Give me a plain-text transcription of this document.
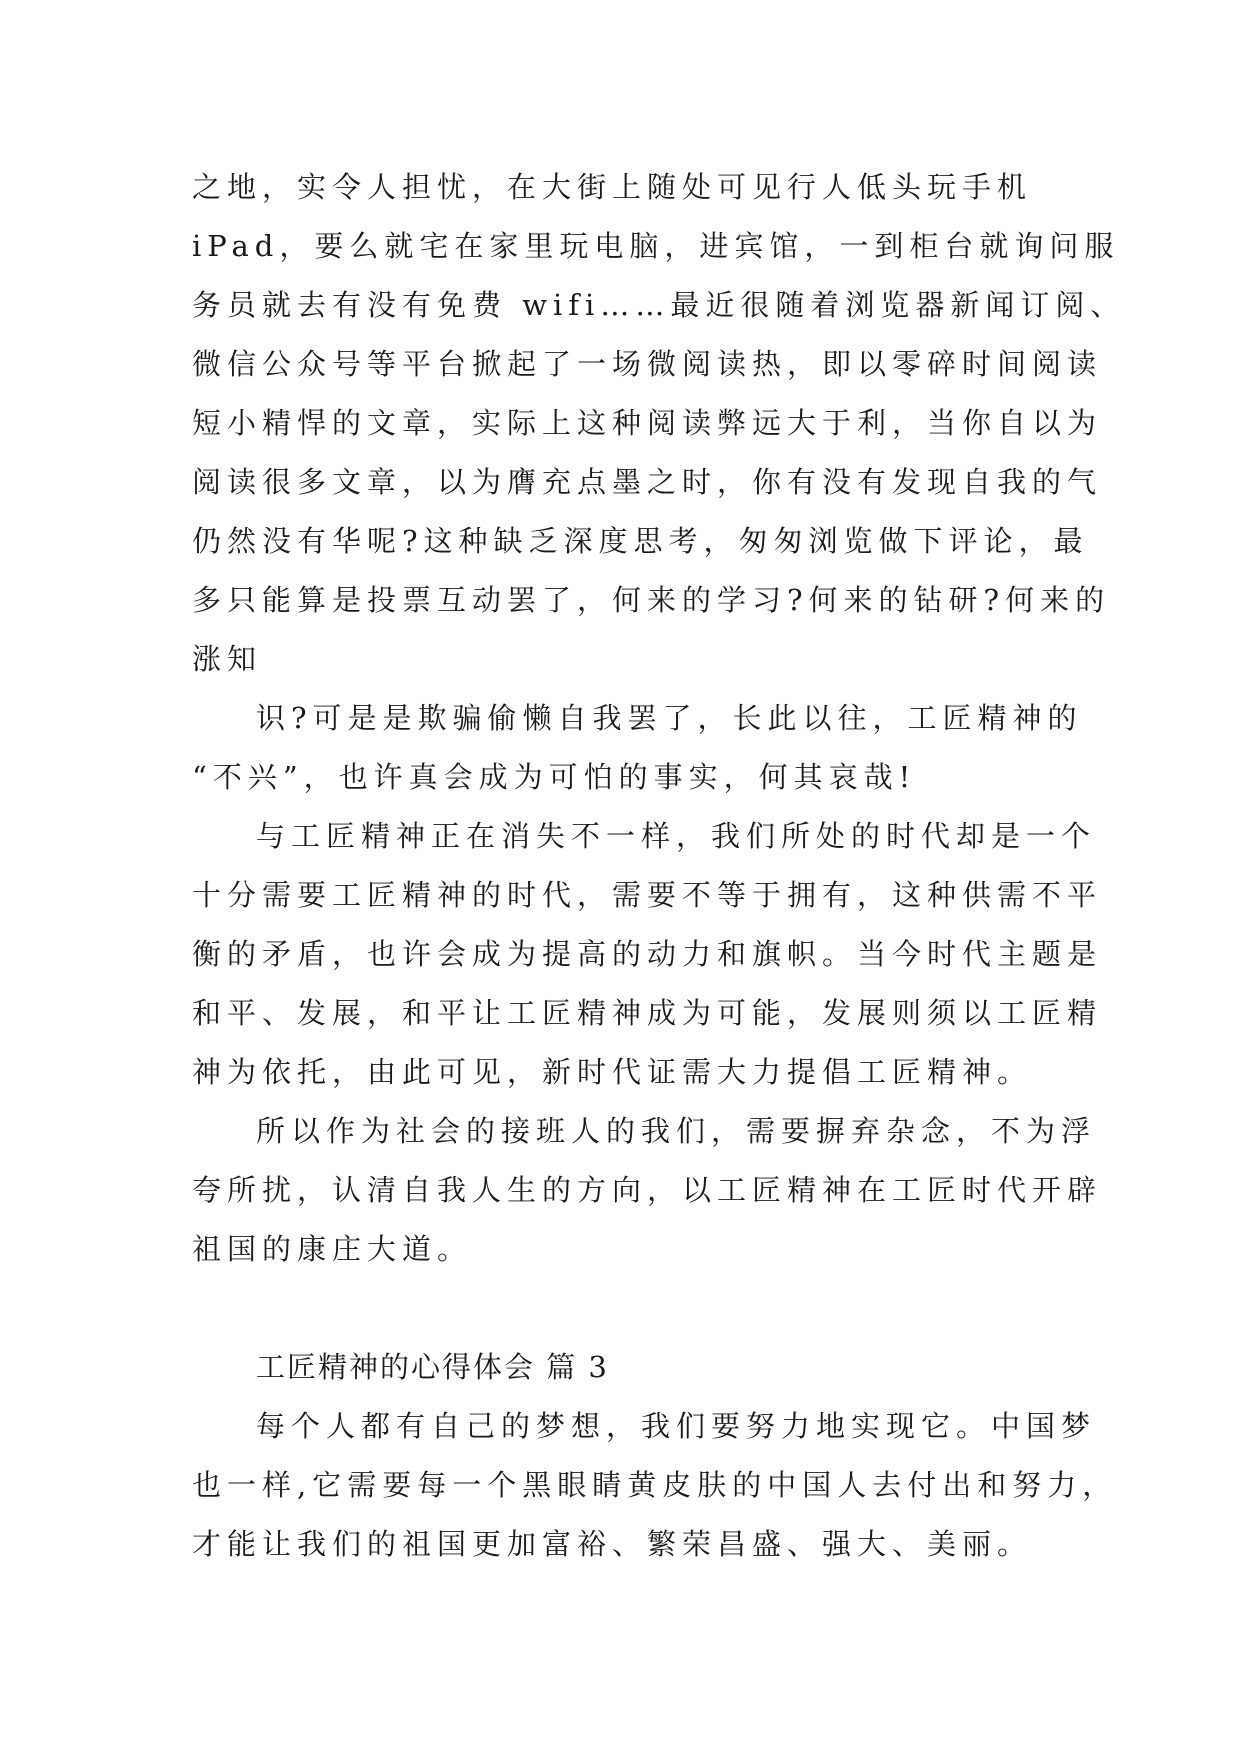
之地，实令人担忧，在大街上随处可见行人低头玩手机
iPad，要么就宅在家里玩电脑，进宾馆，一到柜台就询问服
务员就去有没有免费 wifi……最近很随着浏览器新闻订阅、
微信公众号等平台掀起了一场微阅读热，即以零碎时间阅读
短小精悍的文章，实际上这种阅读弊远大于利，当你自以为
阅读很多文章，以为膺充点墨之时，你有没有发现自我的气
仍然没有华呢?这种缺乏深度思考，匆匆浏览做下评论，最
多只能算是投票互动罢了，何来的学习?何来的钻研?何来的
涨知
识?可是是欺骗偷懒自我罢了，长此以往，工匠精神的
“不兴”，也许真会成为可怕的事实，何其哀哉!
与工匠精神正在消失不一样，我们所处的时代却是一个
十分需要工匠精神的时代，需要不等于拥有，这种供需不平
衡的矛盾，也许会成为提高的动力和旗帜。当今时代主题是
和平、发展，和平让工匠精神成为可能，发展则须以工匠精
神为依托，由此可见，新时代证需大力提倡工匠精神。
所以作为社会的接班人的我们，需要摒弃杂念，不为浮
夸所扰，认清自我人生的方向，以工匠精神在工匠时代开辟
祖国的康庄大道。
工匠精神的心得体会 篇 3
每个人都有自己的梦想，我们要努力地实现它。中国梦
也一样,它需要每一个黑眼睛黄皮肤的中国人去付出和努力，
才能让我们的祖国更加富裕、繁荣昌盛、强大、美丽。
